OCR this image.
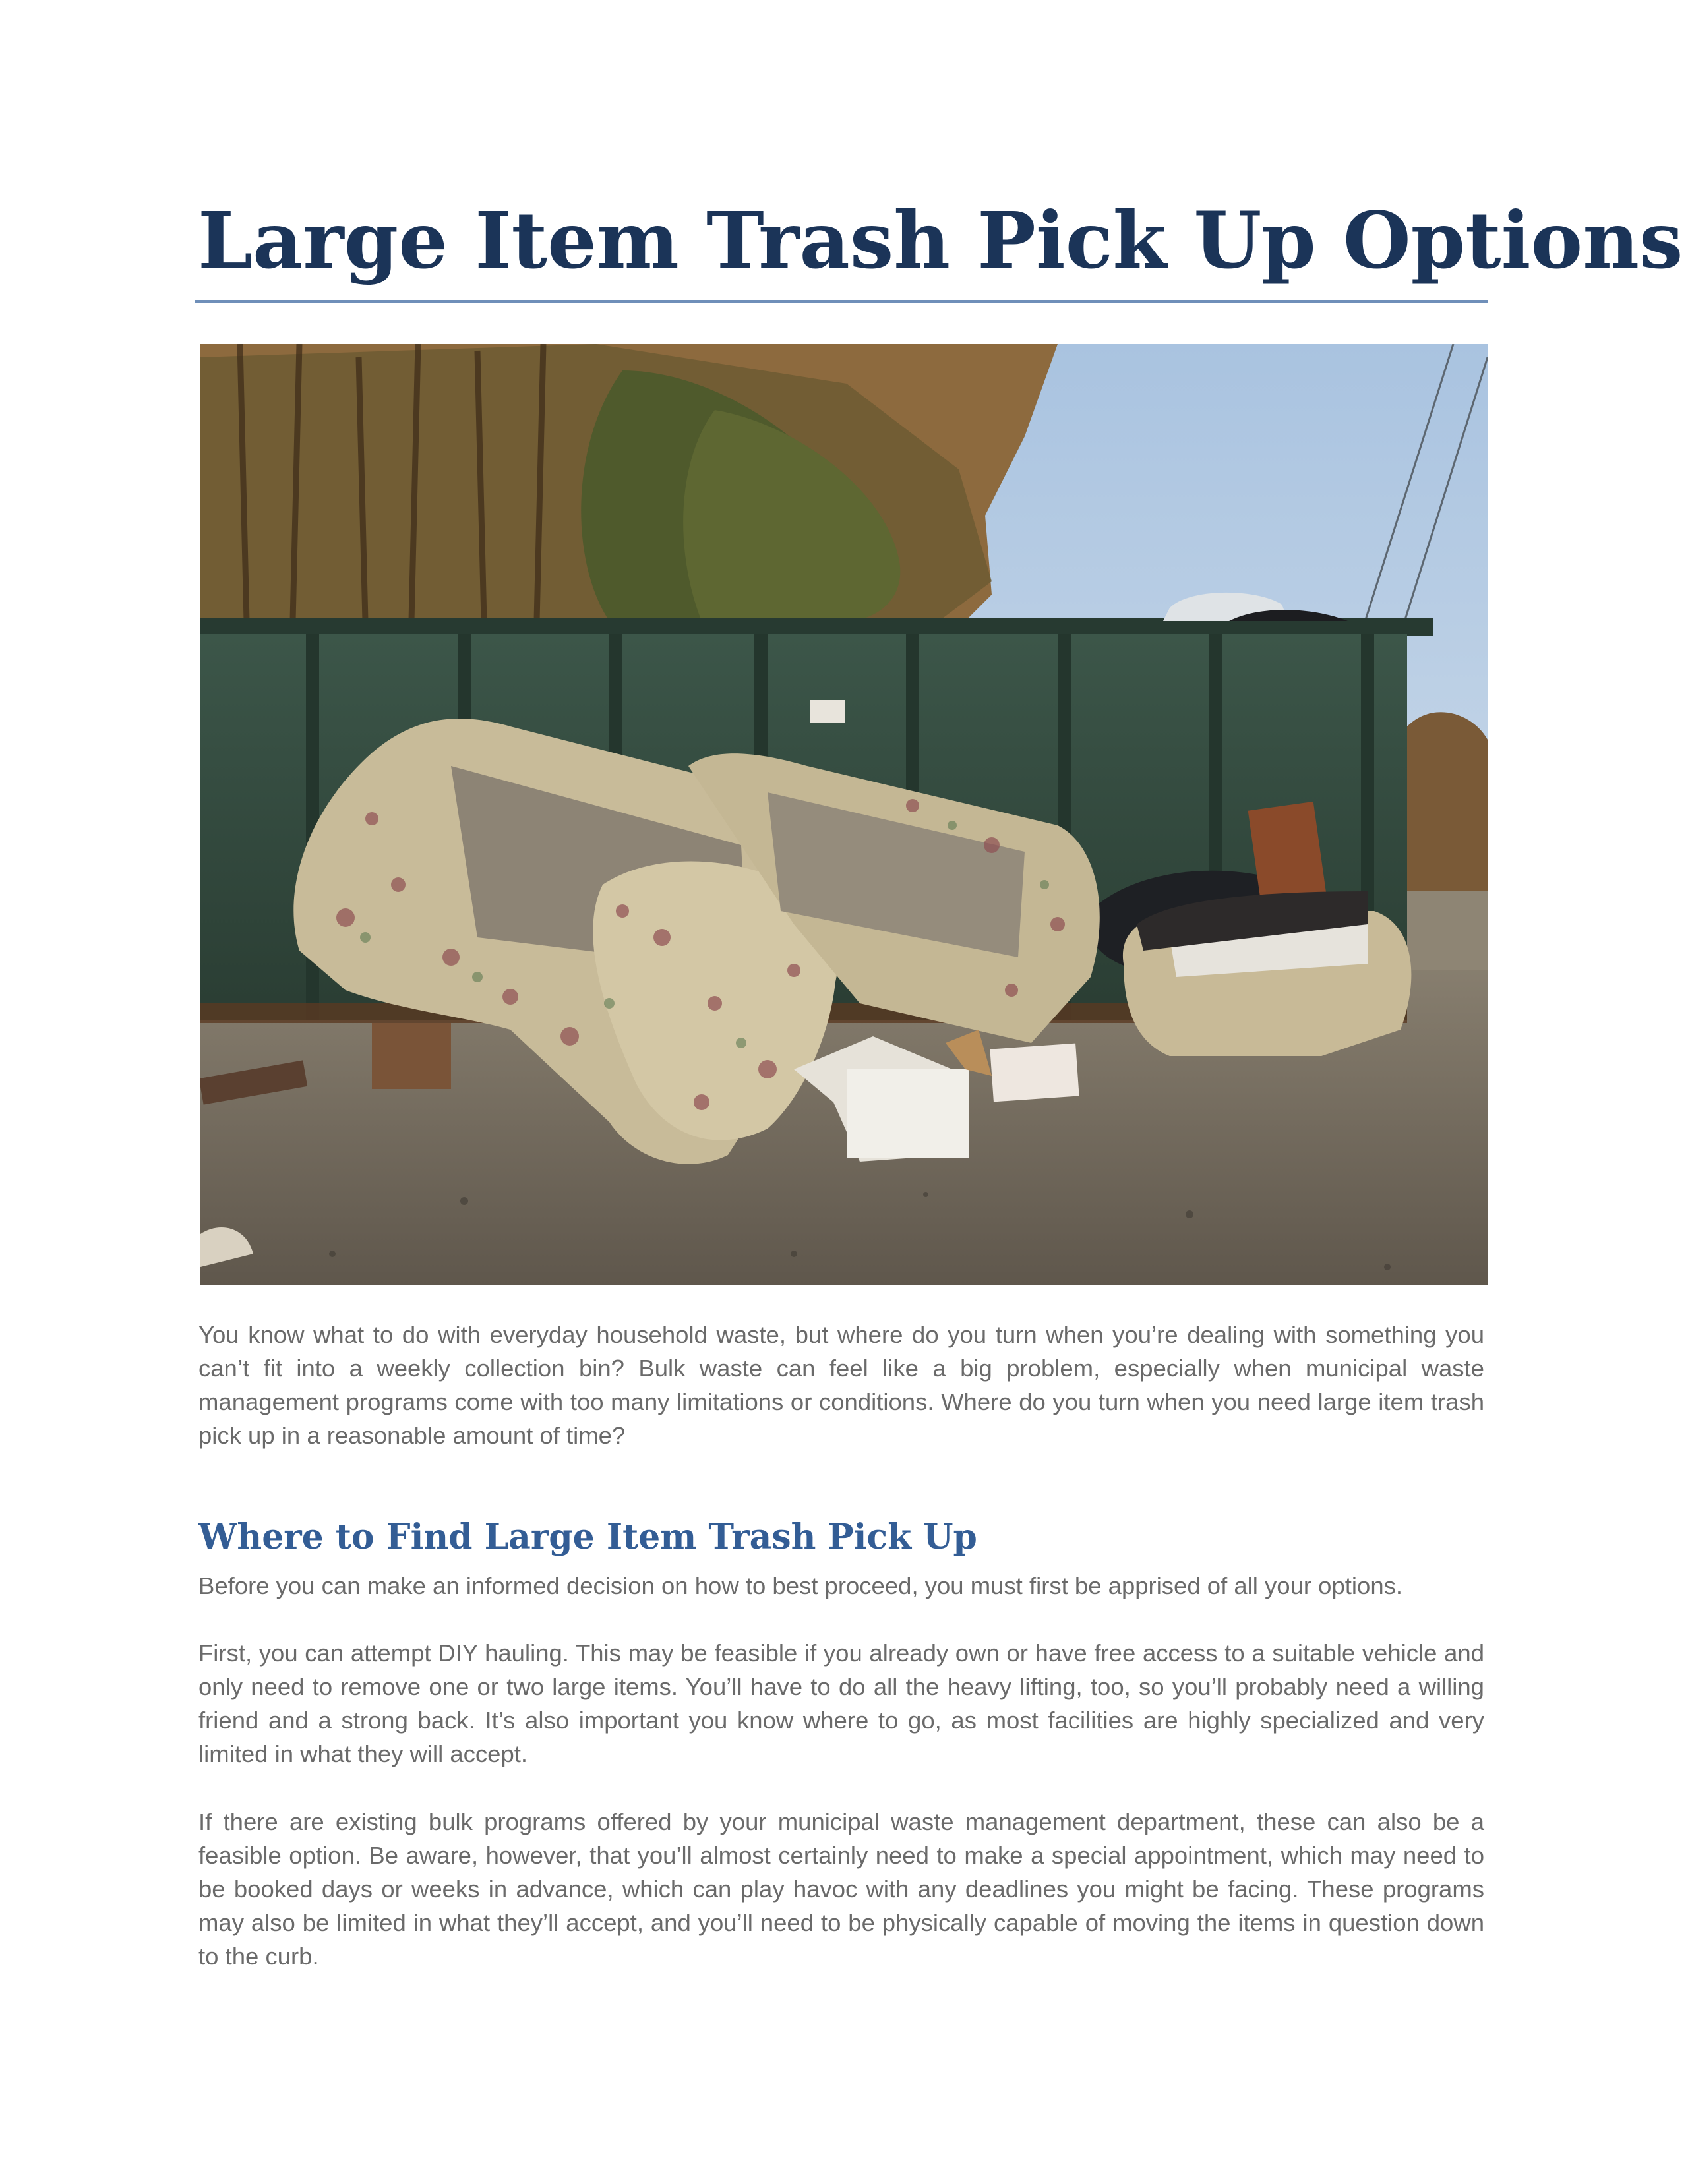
Large Item Trash Pick Up Options

You know what to do with everyday household waste, but where do you turn when you’re dealing with something you can’t fit into a weekly collection bin? Bulk waste can feel like a big problem, especially when municipal waste management programs come with too many limitations or conditions. Where do you turn when you need large item trash pick up in a reasonable amount of time?

Where to Find Large Item Trash Pick Up

Before you can make an informed decision on how to best proceed, you must first be apprised of all your options.

First, you can attempt DIY hauling. This may be feasible if you already own or have free access to a suitable vehicle and only need to remove one or two large items. You’ll have to do all the heavy lifting, too, so you’ll probably need a willing friend and a strong back. It’s also important you know where to go, as most facilities are highly specialized and very limited in what they will accept.

If there are existing bulk programs offered by your municipal waste management department, these can also be a feasible option. Be aware, however, that you’ll almost certainly need to make a special appointment, which may need to be booked days or weeks in advance, which can play havoc with any deadlines you might be facing. These programs may also be limited in what they’ll accept, and you’ll need to be physically capable of moving the items in question down to the curb.
